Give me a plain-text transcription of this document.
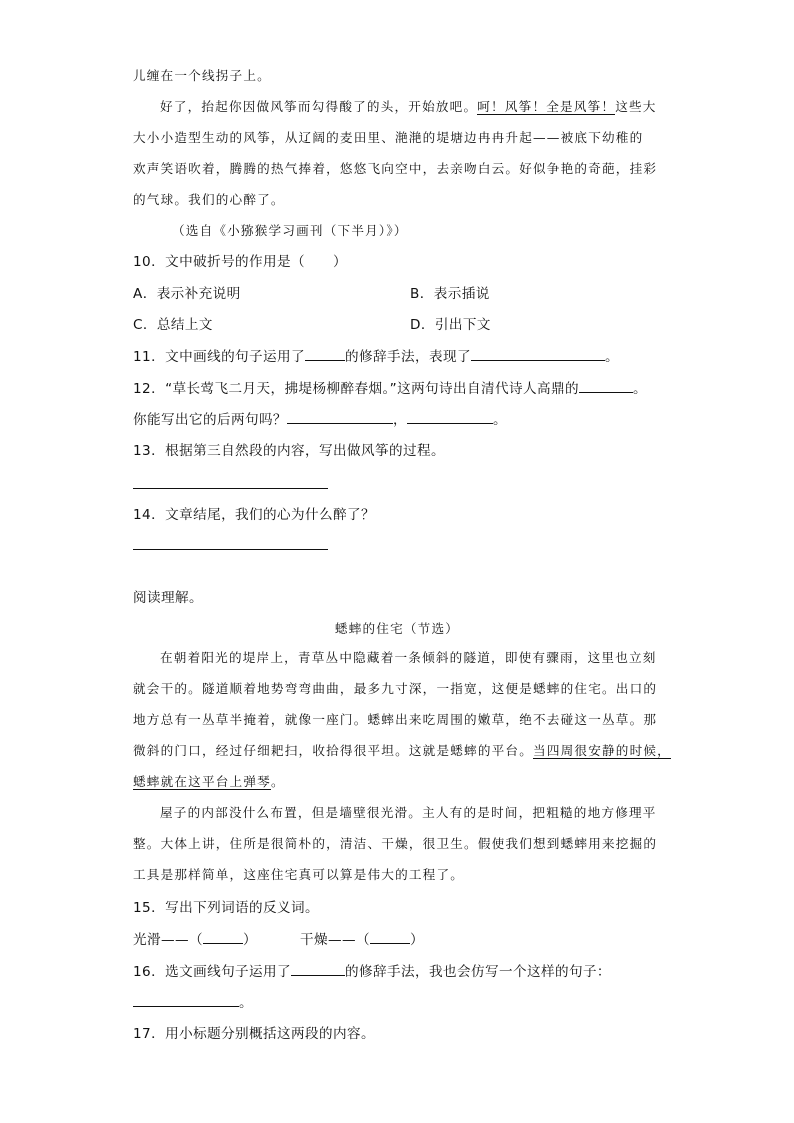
儿缠在一个线拐子上。
好了，抬起你因做风筝而勾得酸了的头，开始放吧。呵！风筝！全是风筝！这些大
大小小造型生动的风筝，从辽阔的麦田里、滟滟的堤塘边冉冉升起——被底下幼稚的
欢声笑语吹着，腾腾的热气捧着，悠悠飞向空中，去亲吻白云。好似争艳的奇葩，挂彩
的气球。我们的心醉了。
（选自《小猕猴学习画刊（下半月）》）
10．文中破折号的作用是（　　）
A．表示补充说明	B．表示插说
C．总结上文	D．引出下文
11．文中画线的句子运用了	的修辞手法，表现了	。
12．“草长莺飞二月天，拂堤杨柳醉春烟。”这两句诗出自清代诗人高鼎的	。
你能写出它的后两句吗？	，	。
13．根据第三自然段的内容，写出做风筝的过程。
14．文章结尾，我们的心为什么醉了？
阅读理解。
蟋蟀的住宅（节选）
在朝着阳光的堤岸上，青草丛中隐藏着一条倾斜的隧道，即使有骤雨，这里也立刻
就会干的。隧道顺着地势弯弯曲曲，最多九寸深，一指宽，这便是蟋蟀的住宅。出口的
地方总有一丛草半掩着，就像一座门。蟋蟀出来吃周围的嫩草，绝不去碰这一丛草。那
微斜的门口，经过仔细耙扫，收拾得很平坦。这就是蟋蟀的平台。当四周很安静的时候，
蟋蟀就在这平台上弹琴。
屋子的内部没什么布置，但是墙壁很光滑。主人有的是时间，把粗糙的地方修理平
整。大体上讲，住所是很简朴的，清洁、干燥，很卫生。假使我们想到蟋蟀用来挖掘的
工具是那样简单，这座住宅真可以算是伟大的工程了。
15．写出下列词语的反义词。
光滑——（	）	干燥——（	）
16．选文画线句子运用了	的修辞手法，我也会仿写一个这样的句子：
。
17．用小标题分别概括这两段的内容。
